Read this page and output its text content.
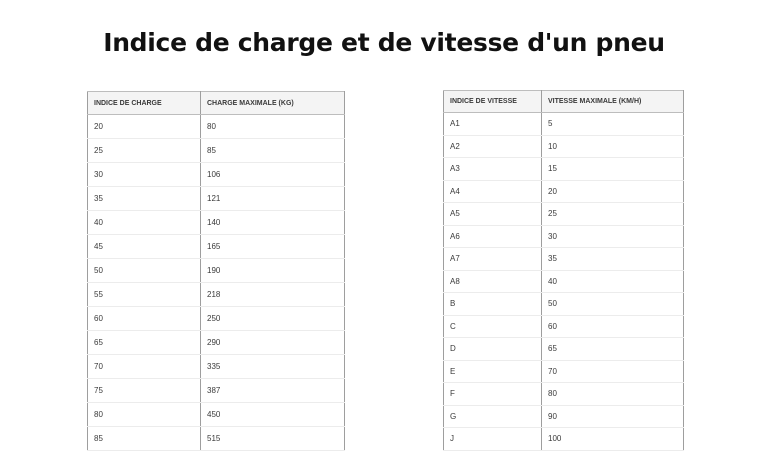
Indice de charge et de vitesse d'un pneu
INDICE DE CHARGE	CHARGE MAXIMALE (KG)
20	80
25	85
30	106
35	121
40	140
45	165
50	190
55	218
60	250
65	290
70	335
75	387
80	450
85	515
INDICE DE VITESSE	VITESSE MAXIMALE (KM/H)
A1	5
A2	10
A3	15
A4	20
A5	25
A6	30
A7	35
A8	40
B	50
C	60
D	65
E	70
F	80
G	90
J	100
